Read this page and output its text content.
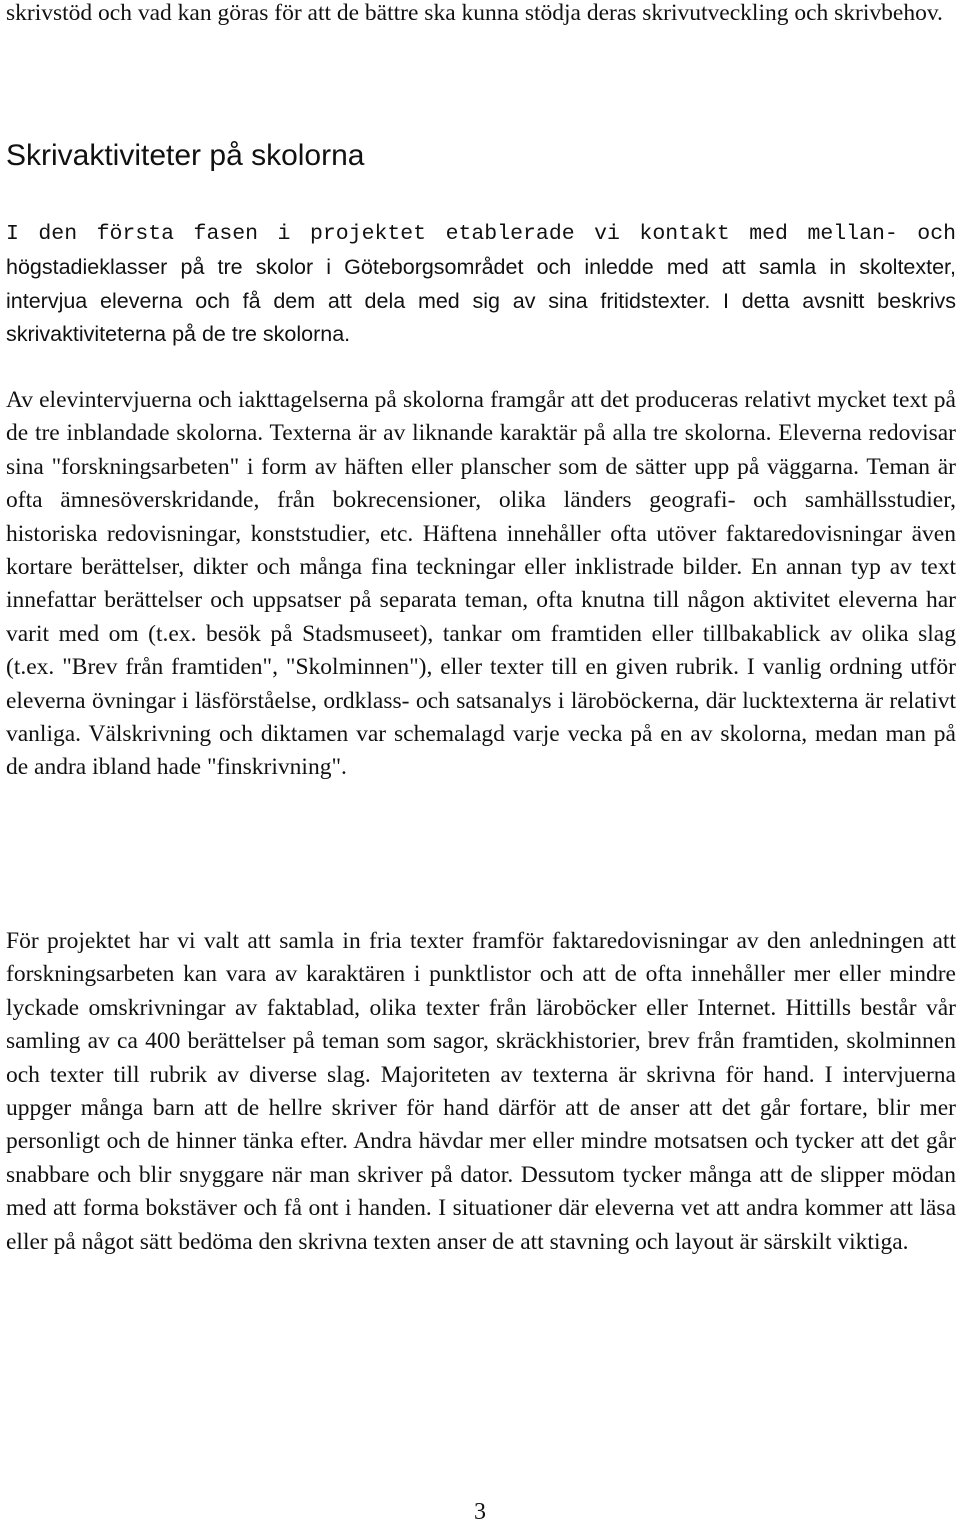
skrivstöd och vad kan göras för att de bättre ska kunna stödja deras skrivutveckling och skrivbehov.

Skrivaktiviteter på skolorna

I den första fasen i projektet etablerade vi kontakt med mellan- och högstadieklasser på tre skolor i Göteborgsområdet och inledde med att samla in skoltexter, intervjua eleverna och få dem att dela med sig av sina fritidstexter. I detta avsnitt beskrivs skrivaktiviteterna på de tre skolorna.

Av elevintervjuerna och iakttagelserna på skolorna framgår att det produceras relativt mycket text på de tre inblandade skolorna. Texterna är av liknande karaktär på alla tre skolorna. Eleverna redovisar sina "forskningsarbeten" i form av häften eller planscher som de sätter upp på väggarna. Teman är ofta ämnesöverskridande, från bokrecensioner, olika länders geografi- och samhällsstudier, historiska redovisningar, konststudier, etc. Häftena innehåller ofta utöver faktaredovisningar även kortare berättelser, dikter och många fina teckningar eller inklistrade bilder. En annan typ av text innefattar berättelser och uppsatser på separata teman, ofta knutna till någon aktivitet eleverna har varit med om (t.ex. besök på Stadsmuseet), tankar om framtiden eller tillbakablick av olika slag (t.ex. "Brev från framtiden", "Skolminnen"), eller texter till en given rubrik. I vanlig ordning utför eleverna övningar i läsförståelse, ordklass- och satsanalys i läroböckerna, där lucktexterna är relativt vanliga. Välskrivning och diktamen var schemalagd varje vecka på en av skolorna, medan man på de andra ibland hade "finskrivning".

För projektet har vi valt att samla in fria texter framför faktaredovisningar av den anledningen att forskningsarbeten kan vara av karaktären i punktlistor och att de ofta innehåller mer eller mindre lyckade omskrivningar av faktablad, olika texter från läroböcker eller Internet. Hittills består vår samling av ca 400 berättelser på teman som sagor, skräckhistorier, brev från framtiden, skolminnen och texter till rubrik av diverse slag. Majoriteten av texterna är skrivna för hand. I intervjuerna uppger många barn att de hellre skriver för hand därför att de anser att det går fortare, blir mer personligt och de hinner tänka efter. Andra hävdar mer eller mindre motsatsen och tycker att det går snabbare och blir snyggare när man skriver på dator. Dessutom tycker många att de slipper mödan med att forma bokstäver och få ont i handen. I situationer där eleverna vet att andra kommer att läsa eller på något sätt bedöma den skrivna texten anser de att stavning och layout är särskilt viktiga.

3
